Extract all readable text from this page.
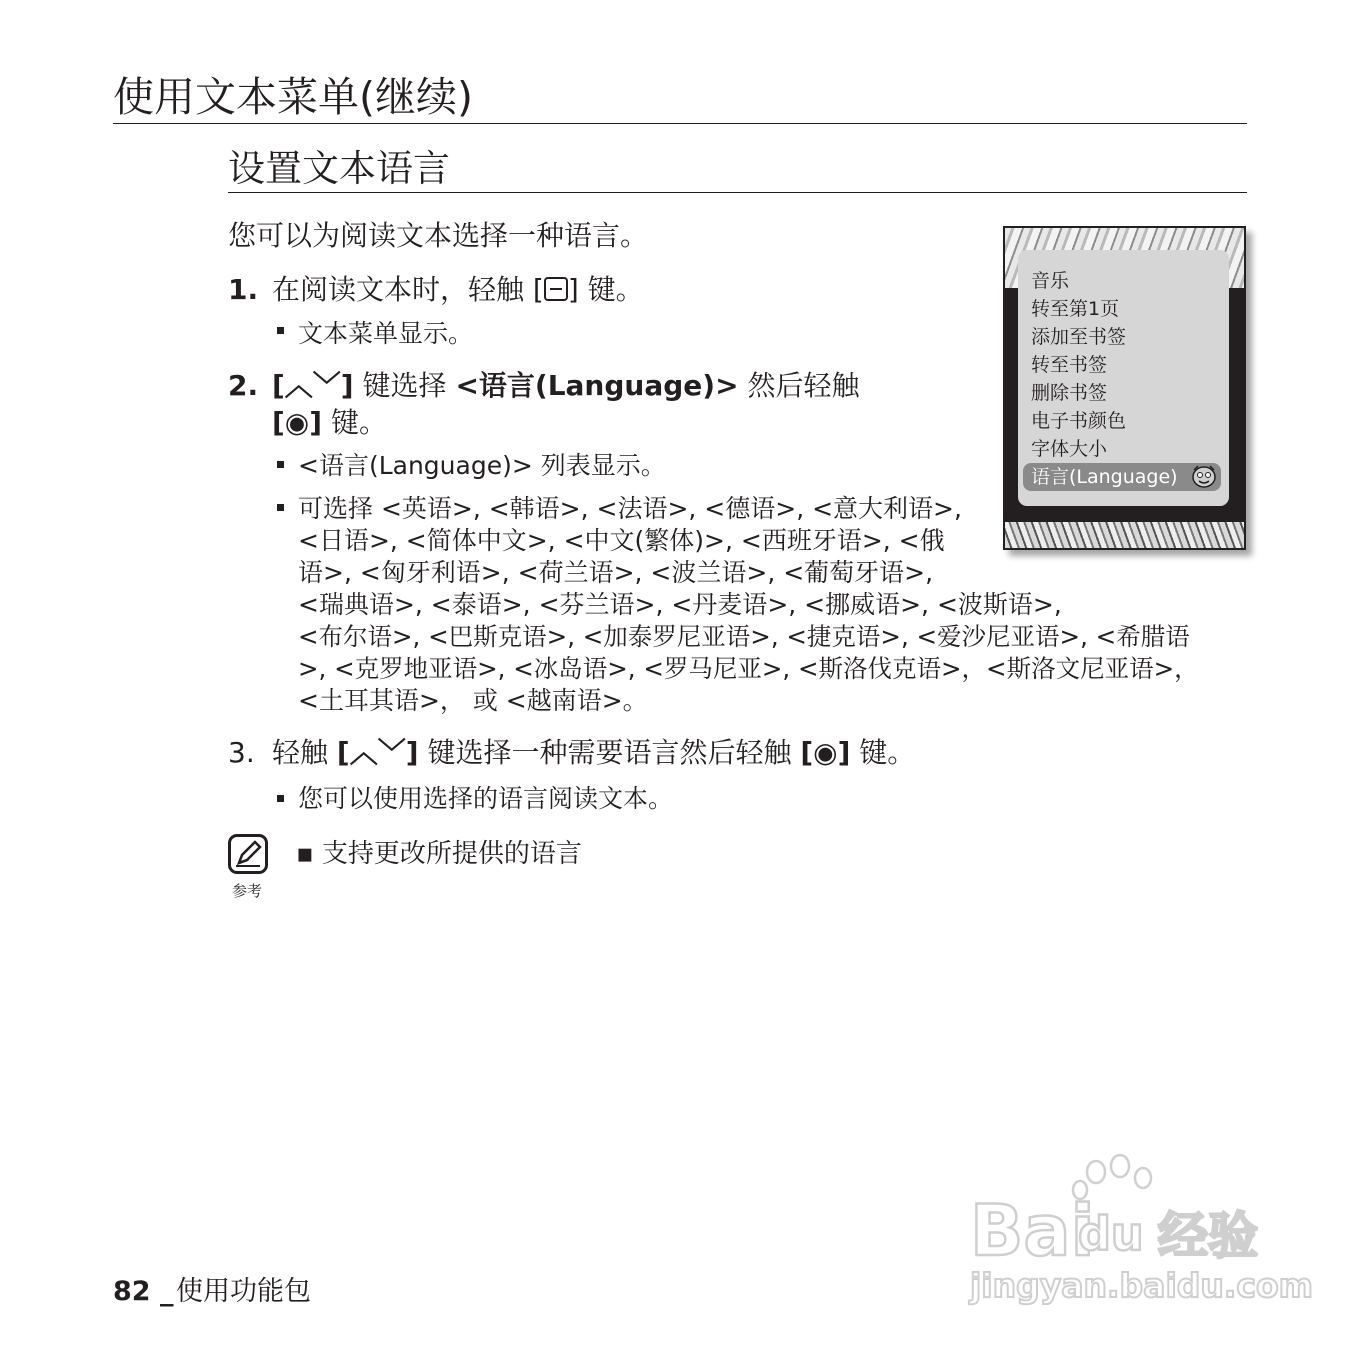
使用文本菜单(继续)
设置文本语言
您可以为阅读文本选择一种语言。
1. 在阅读文本时，轻触 [ ] 键。
文本菜单显示。
2. [︿﹀] 键选择 <语言(Language)> 然后轻触
[◉] 键。
<语言(Language)> 列表显示。
可选择 <英语>, <韩语>, <法语>, <德语>, <意大利语>,
<日语>, <简体中文>, <中文(繁体)>, <西班牙语>, <俄
语>, <匈牙利语>, <荷兰语>, <波兰语>, <葡萄牙语>,
<瑞典语>, <泰语>, <芬兰语>, <丹麦语>, <挪威语>, <波斯语>,
<布尔语>, <巴斯克语>, <加泰罗尼亚语>, <捷克语>, <爱沙尼亚语>, <希腊语
>, <克罗地亚语>, <冰岛语>, <罗马尼亚>, <斯洛伐克语>，<斯洛文尼亚语>，
<土耳其语>， 或 <越南语>。
3. 轻触 [︿﹀] 键选择一种需要语言然后轻触 [◉] 键。
您可以使用选择的语言阅读文本。
参考
▪ 支持更改所提供的语言
音乐
转至第1页
添加至书签
转至书签
删除书签
电子书颜色
字体大小
语言(Language)
82 _ 使用功能包
Bai
du 经验
jingyan.baidu.com
